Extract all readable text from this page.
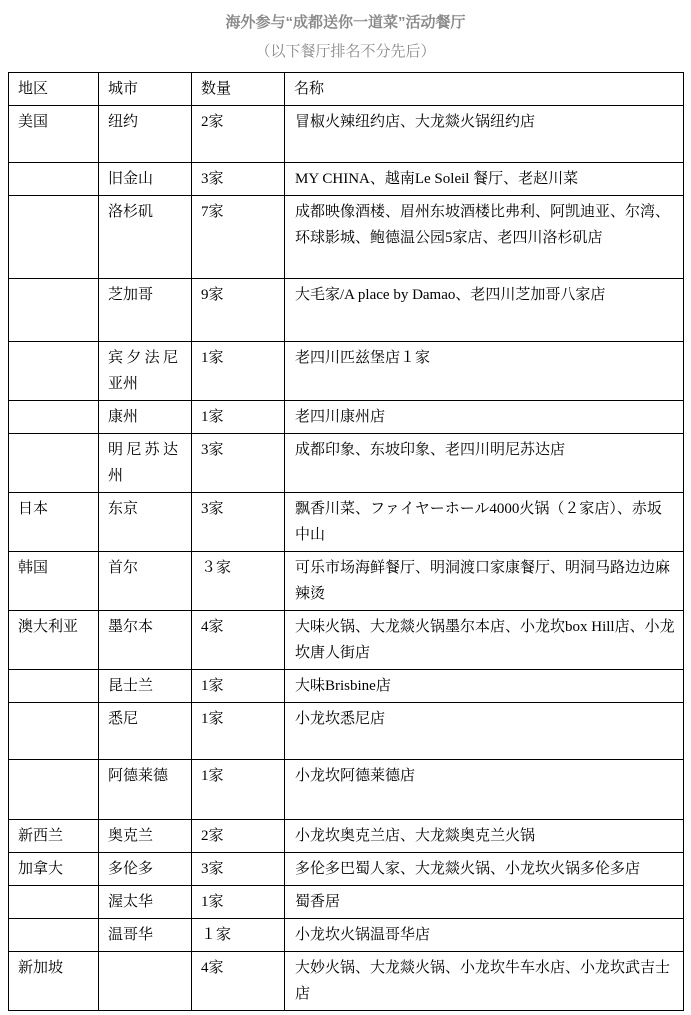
海外参与“成都送你一道菜”活动餐厅
（以下餐厅排名不分先后）
地区	城市	数量	名称
美国	纽约	2家	冒椒火辣纽约店、大龙燚火锅纽约店
	旧金山	3家	MY CHINA、越南Le Soleil 餐厅、老赵川菜
	洛杉矶	7家	成都映像酒楼、眉州东坡酒楼比弗利、阿凯迪亚、尔湾、环球影城、鲍德温公园5家店、老四川洛杉矶店
	芝加哥	9家	大毛家/A place by Damao、老四川芝加哥八家店
	宾夕法尼亚州	1家	老四川匹兹堡店１家
	康州	1家	老四川康州店
	明尼苏达州	3家	成都印象、东坡印象、老四川明尼苏达店
日本	东京	3家	飘香川菜、ファイヤーホール4000火锅（２家店）、赤坂中山
韩国	首尔	３家	可乐市场海鲜餐厅、明洞渡口家康餐厅、明洞马路边边麻辣烫
澳大利亚	墨尔本	4家	大味火锅、大龙燚火锅墨尔本店、小龙坎box Hill店、小龙坎唐人街店
	昆士兰	1家	大味Brisbine店
	悉尼	1家	小龙坎悉尼店
	阿德莱德	1家	小龙坎阿德莱德店
新西兰	奥克兰	2家	小龙坎奥克兰店、大龙燚奥克兰火锅
加拿大	多伦多	3家	多伦多巴蜀人家、大龙燚火锅、小龙坎火锅多伦多店
	渥太华	1家	蜀香居
	温哥华	１家	小龙坎火锅温哥华店
新加坡		4家	大妙火锅、大龙燚火锅、小龙坎牛车水店、小龙坎武吉士店
